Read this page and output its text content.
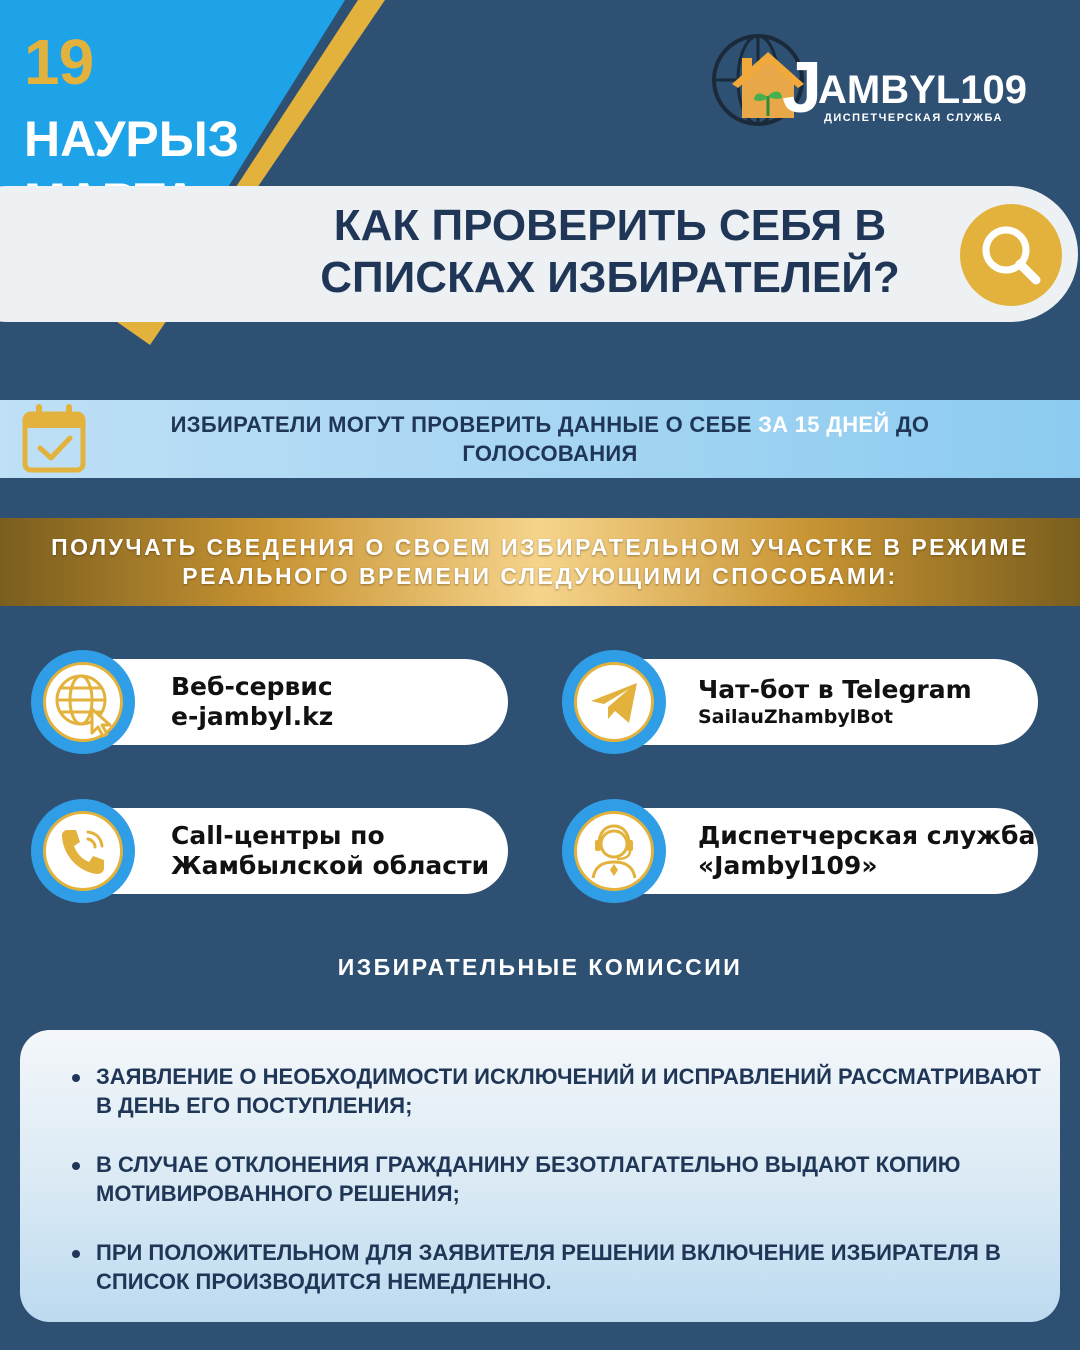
19
НАУРЫЗ
J
AMBYL109
ДИСПЕТЧЕРСКАЯ СЛУЖБА
КАК ПРОВЕРИТЬ СЕБЯ В
СПИСКАХ ИЗБИРАТЕЛЕЙ?
ИЗБИРАТЕЛИ МОГУТ ПРОВЕРИТЬ ДАННЫЕ О СЕБЕ ЗА 15 ДНЕЙ ДО ГОЛОСОВАНИЯ
ПОЛУЧАТЬ СВЕДЕНИЯ О СВОЕМ ИЗБИРАТЕЛЬНОМ УЧАСТКЕ В РЕЖИМЕ
РЕАЛЬНОГО ВРЕМЕНИ СЛЕДУЮЩИМИ СПОСОБАМИ:
Веб-сервис
e-jambyl.kz
Чат-бот в Telegram
SailauZhambylBot
Call-центры по
Жамбылской области
Диспетчерская служба
«Jambyl109»
ИЗБИРАТЕЛЬНЫЕ КОМИССИИ
ЗАЯВЛЕНИЕ О НЕОБХОДИМОСТИ ИСКЛЮЧЕНИЙ И ИСПРАВЛЕНИЙ РАССМАТРИВАЮТ В ДЕНЬ ЕГО ПОСТУПЛЕНИЯ;
В СЛУЧАЕ ОТКЛОНЕНИЯ ГРАЖДАНИНУ БЕЗОТЛАГАТЕЛЬНО ВЫДАЮТ КОПИЮ МОТИВИРОВАННОГО РЕШЕНИЯ;
ПРИ ПОЛОЖИТЕЛЬНОМ ДЛЯ ЗАЯВИТЕЛЯ РЕШЕНИИ ВКЛЮЧЕНИЕ ИЗБИРАТЕЛЯ В СПИСОК ПРОИЗВОДИТСЯ НЕМЕДЛЕННО.
